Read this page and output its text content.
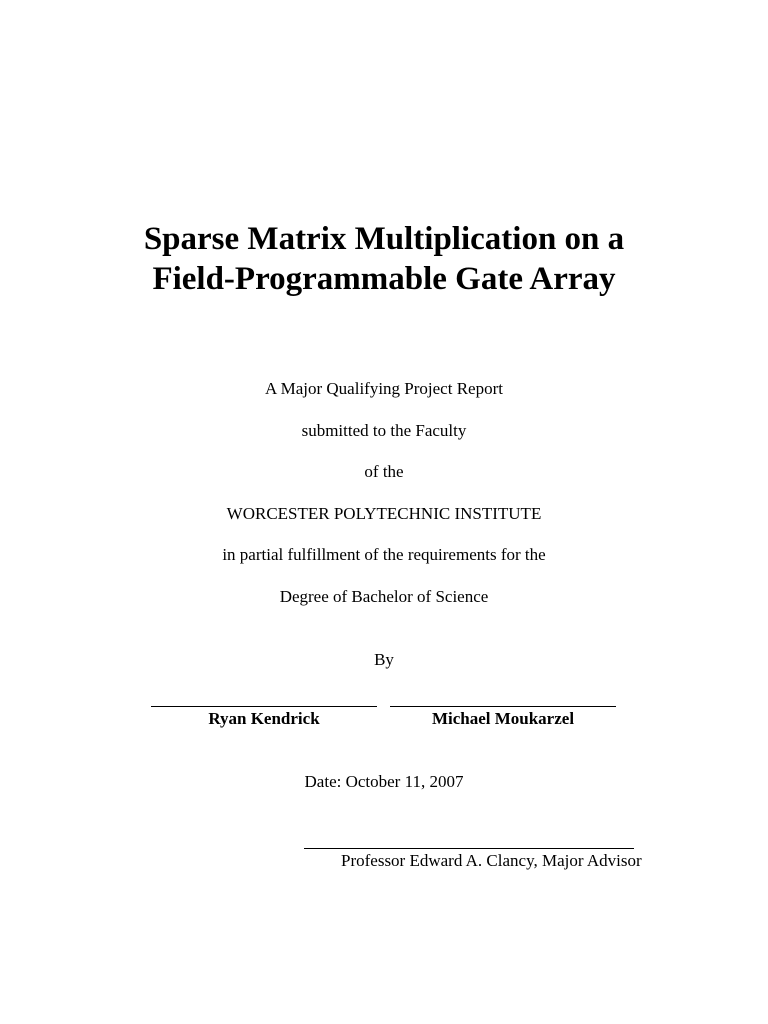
Sparse Matrix Multiplication on a
Field-Programmable Gate Array
A Major Qualifying Project Report
submitted to the Faculty
of the
WORCESTER POLYTECHNIC INSTITUTE
in partial fulfillment of the requirements for the
Degree of Bachelor of Science
By
Ryan Kendrick	Michael Moukarzel
Date: October 11, 2007
Professor Edward A. Clancy, Major Advisor
